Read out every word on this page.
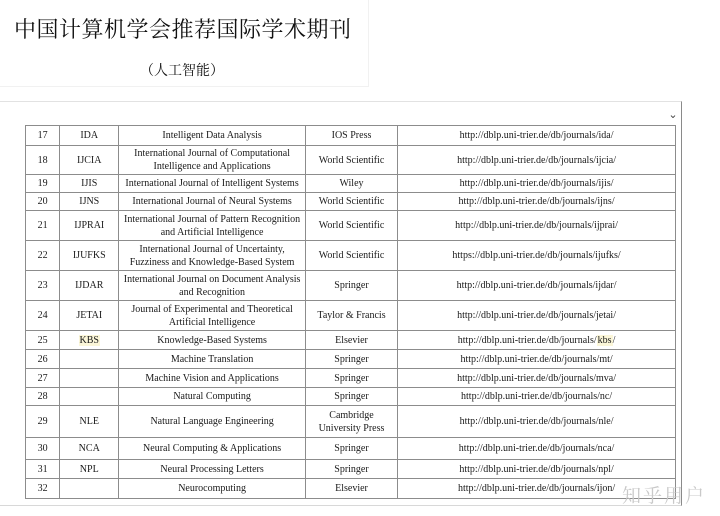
中国计算机学会推荐国际学术期刊
（人工智能）
⌄
17	IDA	Intelligent Data Analysis	IOS Press	http://dblp.uni-trier.de/db/journals/ida/
18	IJCIA	International Journal of Computational Intelligence and Applications	World Scientific	http://dblp.uni-trier.de/db/journals/ijcia/
19	IJIS	International Journal of Intelligent Systems	Wiley	http://dblp.uni-trier.de/db/journals/ijis/
20	IJNS	International Journal of Neural Systems	World Scientific	http://dblp.uni-trier.de/db/journals/ijns/
21	IJPRAI	International Journal of Pattern Recognition and Artificial Intelligence	World Scientific	http://dblp.uni-trier.de/db/journals/ijprai/
22	IJUFKS	International Journal of Uncertainty, Fuzziness and Knowledge-Based System	World Scientific	https://dblp.uni-trier.de/db/journals/ijufks/
23	IJDAR	International Journal on Document Analysis and Recognition	Springer	http://dblp.uni-trier.de/db/journals/ijdar/
24	JETAI	Journal of Experimental and Theoretical Artificial Intelligence	Taylor & Francis	http://dblp.uni-trier.de/db/journals/jetai/
25	KBS	Knowledge-Based Systems	Elsevier	http://dblp.uni-trier.de/db/journals/kbs/
26		Machine Translation	Springer	http://dblp.uni-trier.de/db/journals/mt/
27		Machine Vision and Applications	Springer	http://dblp.uni-trier.de/db/journals/mva/
28		Natural Computing	Springer	http://dblp.uni-trier.de/db/journals/nc/
29	NLE	Natural Language Engineering	Cambridge University Press	http://dblp.uni-trier.de/db/journals/nle/
30	NCA	Neural Computing & Applications	Springer	http://dblp.uni-trier.de/db/journals/nca/
31	NPL	Neural Processing Letters	Springer	http://dblp.uni-trier.de/db/journals/npl/
32		Neurocomputing	Elsevier	http://dblp.uni-trier.de/db/journals/ijon/ 知乎用户
